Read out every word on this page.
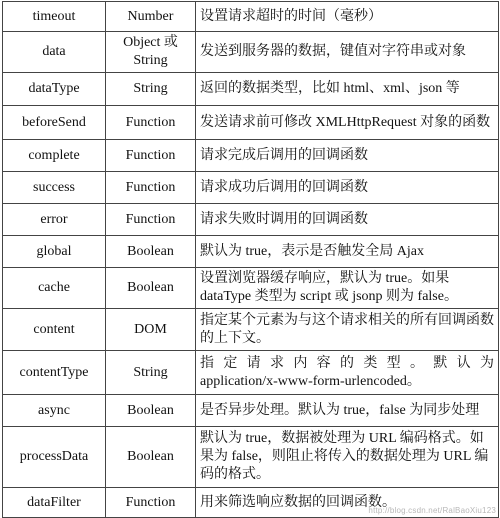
timeout	Number	设置请求超时的时间（毫秒）
data	Object 或 String	发送到服务器的数据，键值对字符串或对象
dataType	String	返回的数据类型，比如 html、xml、json 等
beforeSend	Function	发送请求前可修改 XMLHttpRequest 对象的函数
complete	Function	请求完成后调用的回调函数
success	Function	请求成功后调用的回调函数
error	Function	请求失败时调用的回调函数
global	Boolean	默认为 true，表示是否触发全局 Ajax
cache	Boolean	设置浏览器缓存响应，默认为 true。如果 dataType 类型为 script 或 jsonp 则为 false。
content	DOM	指定某个元素为与这个请求相关的所有回调函数的上下文。
contentType	String	指 定 请 求 内 容 的 类 型 。 默 认 为 application/x-www-form-urlencoded。
async	Boolean	是否异步处理。默认为 true，false 为同步处理
processData	Boolean	默认为 true，数据被处理为 URL 编码格式。如果为 false，则阻止将传入的数据处理为 URL 编码的格式。
dataFilter	Function	用来筛选响应数据的回调函数。
http://blog.csdn.net/RalBaoXiu123
